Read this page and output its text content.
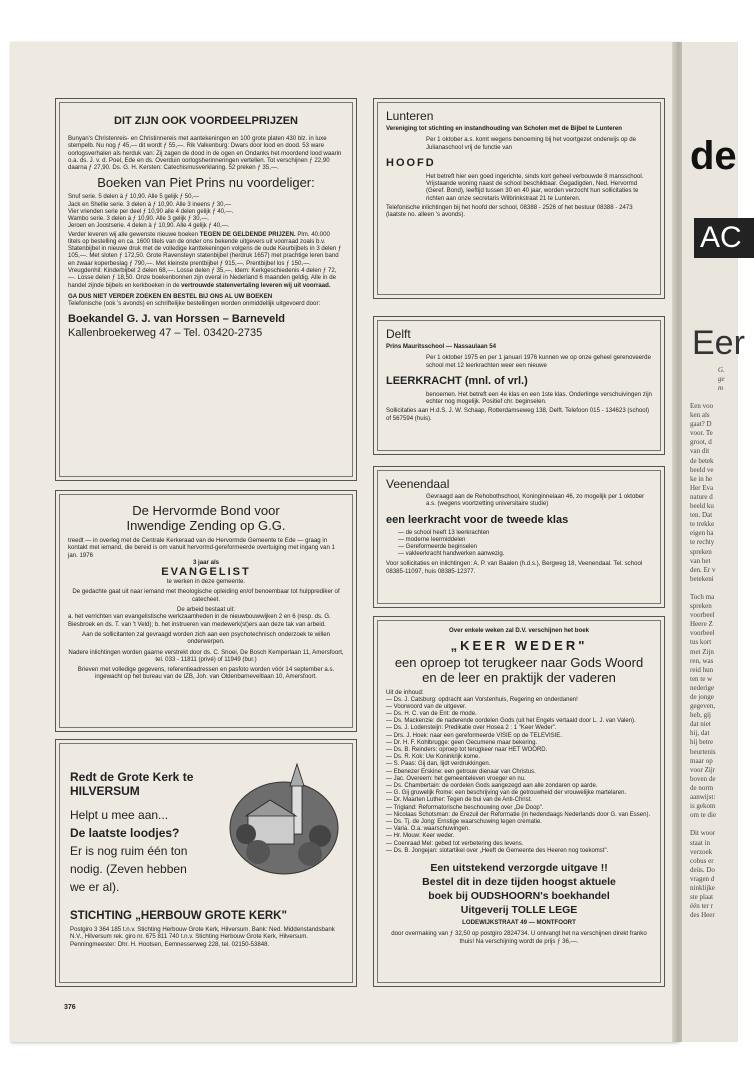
DIT ZIJN OOK VOORDEELPRIJZEN

Bunyan's Christenreis- en Christinnereis met aantekeningen en 100 grote platen 430 blz. in luxe stempelb. Nu nog ƒ 45,— dit wordt ƒ 55,—. Rik Valkenburg: Dwars door lood en dood. 53 ware oorlogsverhalen als herduk van: Zij zagen de dood in de ogen en Ondanks het moordend lood waarin o.a. ds. J. v. d. Poel, Ede en ds. Overduin oorlogsherinneringen vertellen. Tot verschijnen ƒ 22,90 daarna ƒ 27,90. Ds. G. H. Kersten: Catechismusverklaring. 52 preken ƒ 35,—.

Boeken van Piet Prins nu voordeliger:
Snuf serie. 5 delen à ƒ 10,90. Alle 5 gelijk ƒ 50,—
Jack en Shellie serie. 3 delen à ƒ 10,90. Alle 3 ineens ƒ 30,—
Vier vrienden serie per deel ƒ 10,90 alle 4 delen gelijk ƒ 40,—.
Wambo serie. 3 delen à ƒ 10,90. Alle 3 gelijk ƒ 30,—.
Jeroen en Joostserie. 4 delen à ƒ 10,90. Alle 4 gelijk ƒ 40,—.

Verder leveren wij alle gewenste nieuwe boeken TEGEN DE GELDENDE PRIJZEN. Plm. 40.000 titels op bestelling en ca. 1600 titels van de onder ons bekende uitgevers uit voorraad zoals b.v. Statenbijbel in nieuwe druk met de volledige kanttekeningen volgens de oude Keurbijbels in 3 delen ƒ 105,—. Met sloten ƒ 172,50. Grote Ravensteyn statenbijbel (herdruk 1657) met prachtige leren band en zwaar koperbeslag ƒ 790,—. Met kleinste prentbijbel ƒ 915,—. Prentbijbel los ƒ 150,—. Vreugdenhil: Kinderbijbel 2 delen 68,—. Losse delen ƒ 35,—. Idem: Kerkgeschiedenis 4 delen ƒ 72,—. Losse delen ƒ 18,50. Onze boekenbonnen zijn overal in Nederland 6 maanden geldig. Alle in de handel zijnde bijbels en kerkboeken in de vertrouwde statenvertaling leveren wij uit voorraad.

GA DUS NIET VERDER ZOEKEN EN BESTEL BIJ ONS AL UW BOEKEN

Telefonische (ook 's avonds) en schriftelijke bestellingen worden onmiddellijk uitgevoerd door:

Boekandel G. J. van Horssen – Barneveld
Kallenbroekerweg 47 – Tel. 03420-2735
De Hervormde Bond voor
Inwendige Zending op G.G.

treedt — in overleg met de Centrale Kerkeraad van de Hervormde Gemeente te Ede — graag in kontakt met iemand, die bereid is om vanuit hervormd-gereformeerde overtuiging met ingang van 1 jan. 1976

3 jaar als

EVANGELIST

te werken in deze gemeente.

De gedachte gaat uit naar iemand met theologische opleiding en/of benoembaar tot hulpprediker of catecheet.

De arbeid bestaat uit:

a. het verrichten van evangelistische werkzaamheden in de nieuwbouwwijken 2 en 6 (resp. ds. G. Biesbroek en ds. T. van 't Veld); b. het instrueren van medewerk(st)ers aan deze tak van arbeid.

Aan de sollicitanten zal gevraagd worden zich aan een psychotechnisch onderzoek te willen onderwerpen.

Nadere inlichtingen worden gaarne verstrekt door ds. C. Snoei, De Bosch Kemperlaan 11, Amersfoort, tel. 033 - 11811 (privé) of 11949 (bur.)

Brieven met volledige gegevens, referentieadressen en pasfoto worden vóór 14 september a.s. ingewacht op het bureau van de IZB, Joh. van Oldenbarneveltlaan 10, Amersfoort.

Redt de Grote Kerk te
HILVERSUM
Helpt u mee aan...
De laatste loodjes?
Er is nog ruim één ton
nodig. (Zeven hebben
we er al).
STICHTING „HERBOUW GROTE KERK"

Postgiro 3 364 185 t.n.v. Stichting Herbouw Grote Kerk, Hilversum. Bank: Ned. Middenstandsbank N.V., Hilversum rek. giro nr. 675 811 740 t.n.v. Stichting Herbouw Grote Kerk, Hilversum. Penningmeester: Dhr. H. Hootsen, Eemnesserweg 228, tel. 02150-53848.

Lunteren

Vereniging tot stichting en instandhouding van Scholen met de Bijbel te Lunteren

Per 1 oktober a.s. komt wegens benoeming bij het voortgezet onderwijs op de Julianaschool vrij de functie van

HOOFD

Het betreft hier een goed ingerichte, sinds kort geheel verbouwde 8 mansschool. Vrijstaande woning naast de school beschikbaar. Gegadigden, Ned. Hervormd (Geref. Bond), leeftijd tussen 30 en 40 jaar, worden verzocht hun sollicitaties te richten aan onze secretaris Wilbrinkstraat 21 te Lunteren.

Telefonische inlichtingen bij het hoofd der school, 08388 - 2526 of het bestuur 08388 - 2473 (laatste no. alleen 's avonds).

Delft

Prins Mauritsschool — Nassaulaan 54

Per 1 oktober 1975 en per 1 januari 1976 kunnen we op onze geheel gerenoveerde school met 12 leerkrachten weer een nieuwe

LEERKRACHT (mnl. of vrl.)

benoemen. Het betreft een 4e klas en een 1ste klas. Onderlinge verschuivingen zijn echter nog mogelijk. Positief chr. beginselen.

Sollicitaties aan H.d.S. J. W. Schaap, Rotterdamseweg 138, Delft. Telefoon 015 - 134623 (school) of 567594 (huis).

Veenendaal

Gevraagd aan de Rehobothschool, Koninginnelaan 46, zo mogelijk per 1 oktober a.s. (wegens voortzetting universitaire studie)

een leerkracht voor de tweede klas
— de school heeft 13 leerkrachten
— moderne leermiddelen
— Gereformeerde beginselen
— vakleerkracht handwerken aanwezig.

Voor sollicitaties en inlichtingen: A. P. van Baalen (h.d.s.), Bergweg 18, Veenendaal. Tel. school 08385-11097, huis 08385-12377.

Over enkele weken zal D.V. verschijnen het boek

„KEER WEDER"
een oproep tot terugkeer naar Gods Woord
en de leer en praktijk der vaderen

Uit de inhoud:

— Ds. J. Catsburg: opdracht aan Vorstenhuis, Regering en onderdanen!
— Voorwoord van de uitgever.
— Ds. H. C. van de Ent: de mode.
— Ds. Mackenzie: de naderende oordelen Gods (uit het Engels vertaald door L. J. van Valen).
— Ds. J. Lodensteijn: Predikatie over Hosea 2 : 1 "Keer Weder".
— Drs. J. Hoek: naar een gereformeerde VISIE op de TELEVISIE.
— Dr. H. F. Kohlbrugge: geen Oecumene maar bekering.
— Ds. B. Reinders: oproep tot terugkeer naar HET WOORD.
— Ds. R. Kok: Uw Koninkrijk kome.
— S. Paas: Gij dan, lijdt verdrukkingen.
— Ebenezer Erskine: een getrouw dienaar van Christus.
— Jac. Overeem: het gemeenteleven vroeger en nu.
— Ds. Chambertain: de oordelen Gods aangezegd aan alle zondaren op aarde.
— G. Gij gruwelijk Rome: een beschrijving van de getrouwheid der vrouwelijke martelaren.
— Dr. Maarten Luther: Tegen de bui van de Anti-Christ.
— Trigland: Reformatorische beschouwing over „De Doop".
— Nicolaas Schotsman: de Erezuil der Reformatie (in hedendaags Nederlands door G. van Essen).
— Ds. Tj. de Jong: Ernstige waarschuwing tegen crematie.
— Varia. O.a. waarschuwingen.
— Hr. Mouw: Keer weder.
— Coenraad Mel: gebed tot verbetering des levens.
— Ds. B. Jongejan: slotartikel over „Heeft de Gemeente des Heeren nog toekomst".
Een uitstekend verzorgde uitgave !!
Bestel dit in deze tijden hoogst aktuele
boek bij OUDSHOORN's boekhandel
Uitgeverij TOLLE LEGE

LODEWIJKSTRAAT 49 — MONTFOORT

door overmaking van ƒ 32,50 op postgiro 2824734. U ontvangt het na verschijnen direkt franko thuis! Na verschijning wordt de prijs ƒ 36,—.

376
de
AC
Eer
G.
ge
m
Een voo
ken als
gaat? D
voor. Te
groot, d
van dit
de betek
beeld ve
ke in he
Her Eva
nature d
beeld ku
ten. Dat
te trekke
eigen ha
te rechty
spreken
van het
den. Er v
betekeni
Toch ma
spreken
voorbeel
Heere Z
voorbeel
tus kort
met Zijn
ren, was
reid hun
ten te w
nederige
de jonge
gegeven,
heb, gij
dat niet
hij, dat
hij betre
beurtenis
maar op
voor Zijr
boven de
de norm
aanwijst:
is gekom
om te die
Dit woor
staat in
verzoek
cobus er
deüs. Do
vragen d
ninklijke
ste plaat
één ter r
des Heer
